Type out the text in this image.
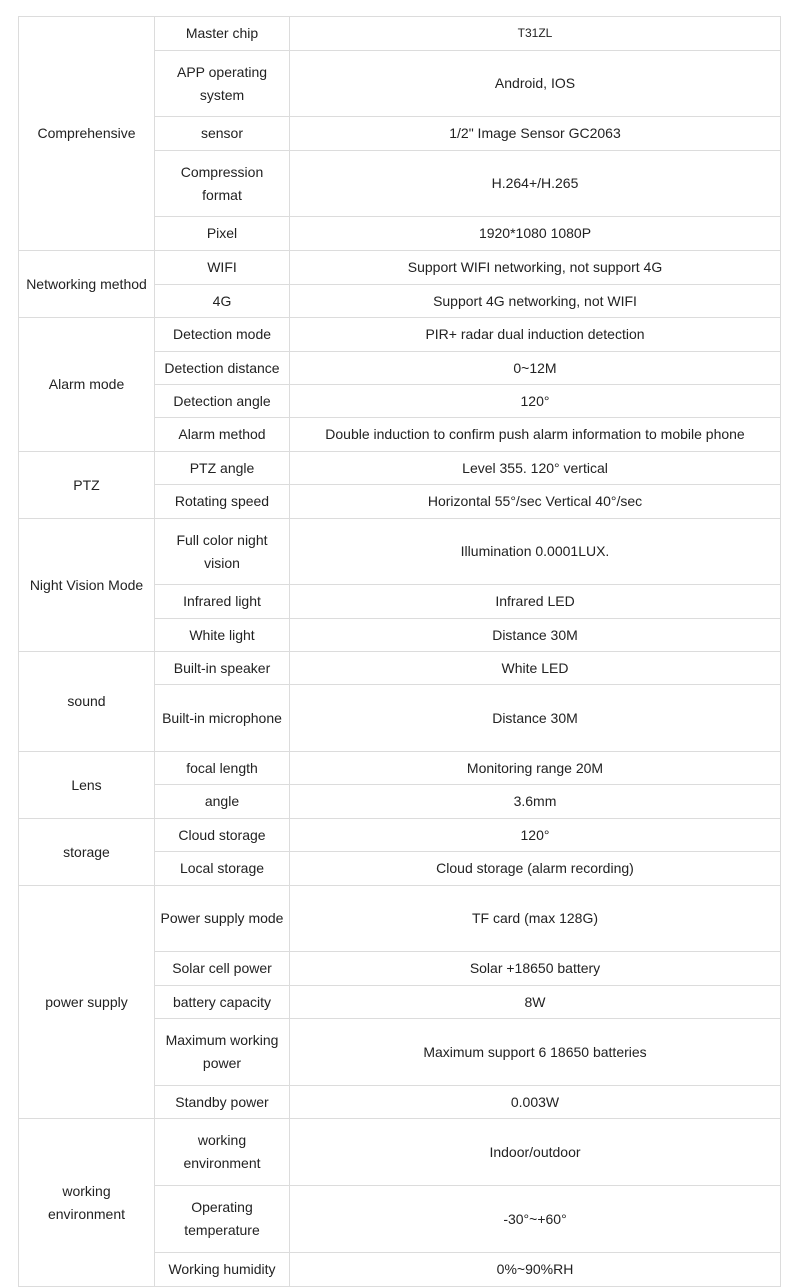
Comprehensive	Master chip	T31ZL
	APP operating system	Android, IOS
	sensor	1/2" Image Sensor GC2063
	Compression format	H.264+/H.265
	Pixel	1920*1080 1080P
Networking method	WIFI	Support WIFI networking, not support 4G
	4G	Support 4G networking, not WIFI
Alarm mode	Detection mode	PIR+ radar dual induction detection
	Detection distance	0~12M
	Detection angle	120°
	Alarm method	Double induction to confirm push alarm information to mobile phone
PTZ	PTZ angle	Level 355. 120° vertical
	Rotating speed	Horizontal 55°/sec Vertical 40°/sec
Night Vision Mode	Full color night vision	Illumination 0.0001LUX.
	Infrared light	Infrared LED
	White light	Distance 30M
sound	Built-in speaker	White LED
	Built-in microphone	Distance 30M
Lens	focal length	Monitoring range 20M
	angle	3.6mm
storage	Cloud storage	120°
	Local storage	Cloud storage (alarm recording)
power supply	Power supply mode	TF card (max 128G)
	Solar cell power	Solar +18650 battery
	battery capacity	8W
	Maximum working power	Maximum support 6 18650 batteries
	Standby power	0.003W
working environment	working environment	Indoor/outdoor
	Operating temperature	-30°~+60°
	Working humidity	0%~90%RH
